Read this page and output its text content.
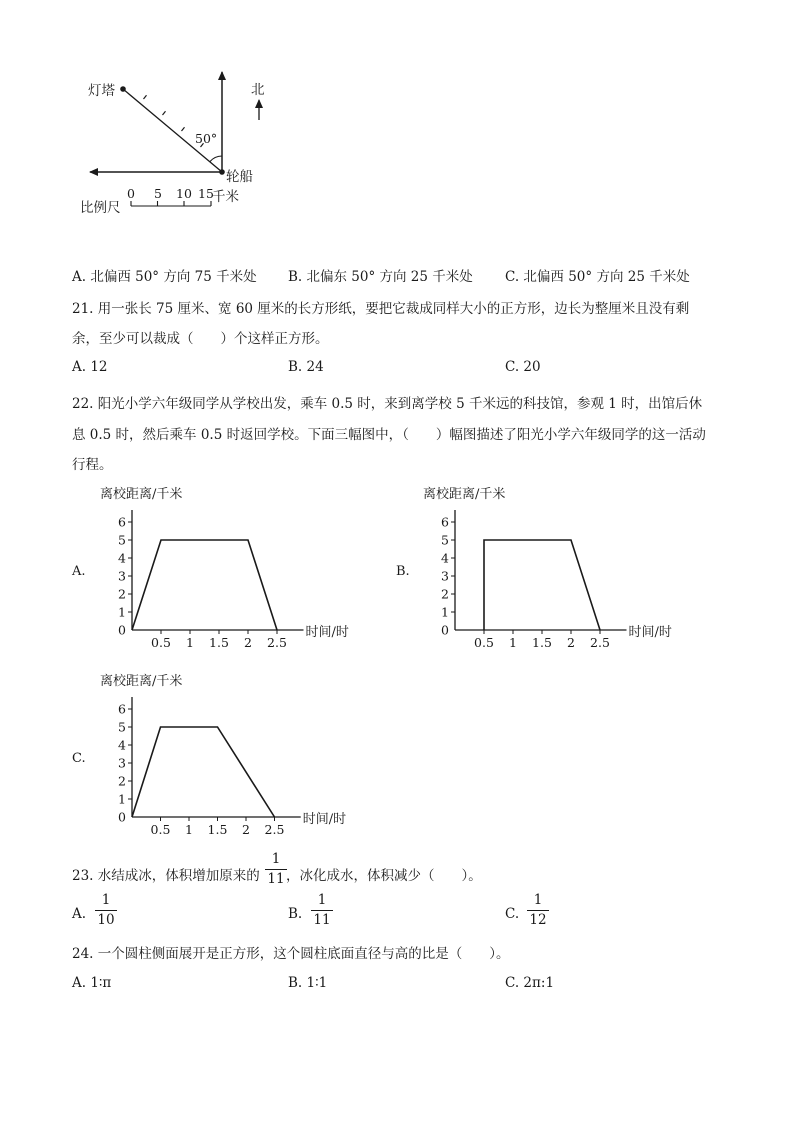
灯塔	北
50°
轮船
0 5 10 15
千米
比例尺
A. 北偏西 50° 方向 75 千米处 B. 北偏东 50° 方向 25 千米处 C. 北偏西 50° 方向 25 千米处
21. 用一张长 75 厘米、宽 60 厘米的长方形纸，要把它裁成同样大小的正方形，边长为整厘米且没有剩
余，至少可以裁成（　　）个这样正方形。
A. 12	B. 24	C. 20
22. 阳光小学六年级同学从学校出发，乘车 0.5 时，来到离学校 5 千米远的科技馆，参观 1 时，出馆后休
息 0.5 时，然后乘车 0.5 时返回学校。下面三幅图中，（　　）幅图描述了阳光小学六年级同学的这一活动
行程。
0
1
2
3
4
5
6
0.5 1 1.5 2 2.5
离校距离/千米
时间/时
A.
0
1
2
3
4
5
6
0.5 1 1.5 2 2.5
离校距离/千米
时间/时
B.
0
1
2
3
4
5
6
0.5 1 1.5 2 2.5
离校距离/千米
时间/时
C.
23. 水结成冰，体积增加原来的
1
11 ，冰化成水，体积减少（　　）。
A.
1
10	B.
1
11	C.
1
12
24. 一个圆柱侧面展开是正方形，这个圆柱底面直径与高的比是（　　）。
A. 1∶π	B. 1∶1	C. 2π:1
